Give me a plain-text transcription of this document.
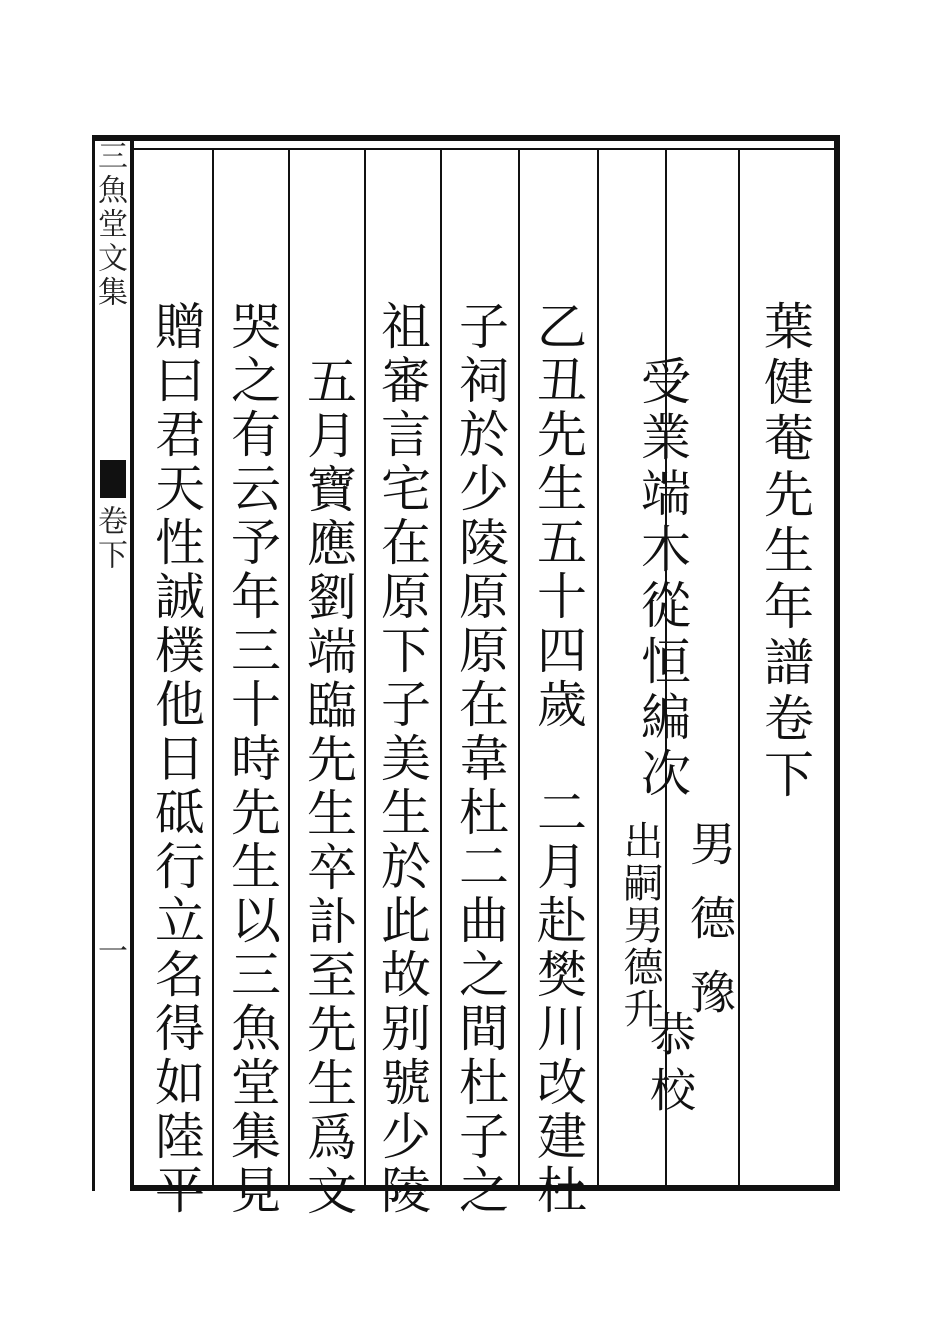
三魚堂文集
卷下
一
葉健菴先生年譜卷下
受業端木從恒編次
男德豫
恭校
出嗣男德升
乙丑先生五十四歲　二月赴樊川改建杜
子祠於少陵原原在韋杜二曲之間杜子之
祖審言宅在原下子美生於此故别號少陵
五月寶應劉端臨先生卒訃至先生爲文
哭之有云予年三十時先生以三魚堂集見
贈曰君天性誠樸他日砥行立名得如陸平
